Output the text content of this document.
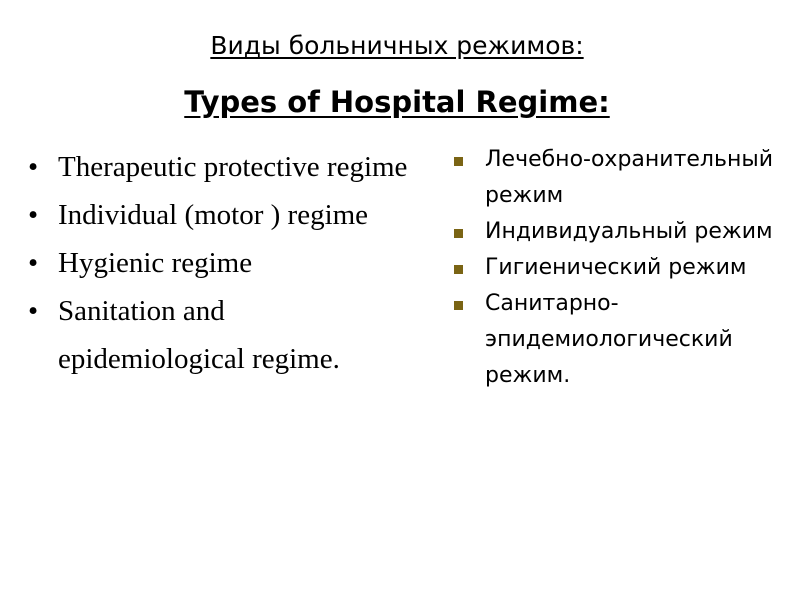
Виды больничных режимов:
Types of Hospital Regime:
• Therapeutic protective regime
• Individual (motor ) regime
• Hygienic regime
• Sanitation and epidemiological regime.
Лечебно-охранительный режим
Индивидуальный режим
Гигиенический режим
Санитарно-эпидемиологический режим.
